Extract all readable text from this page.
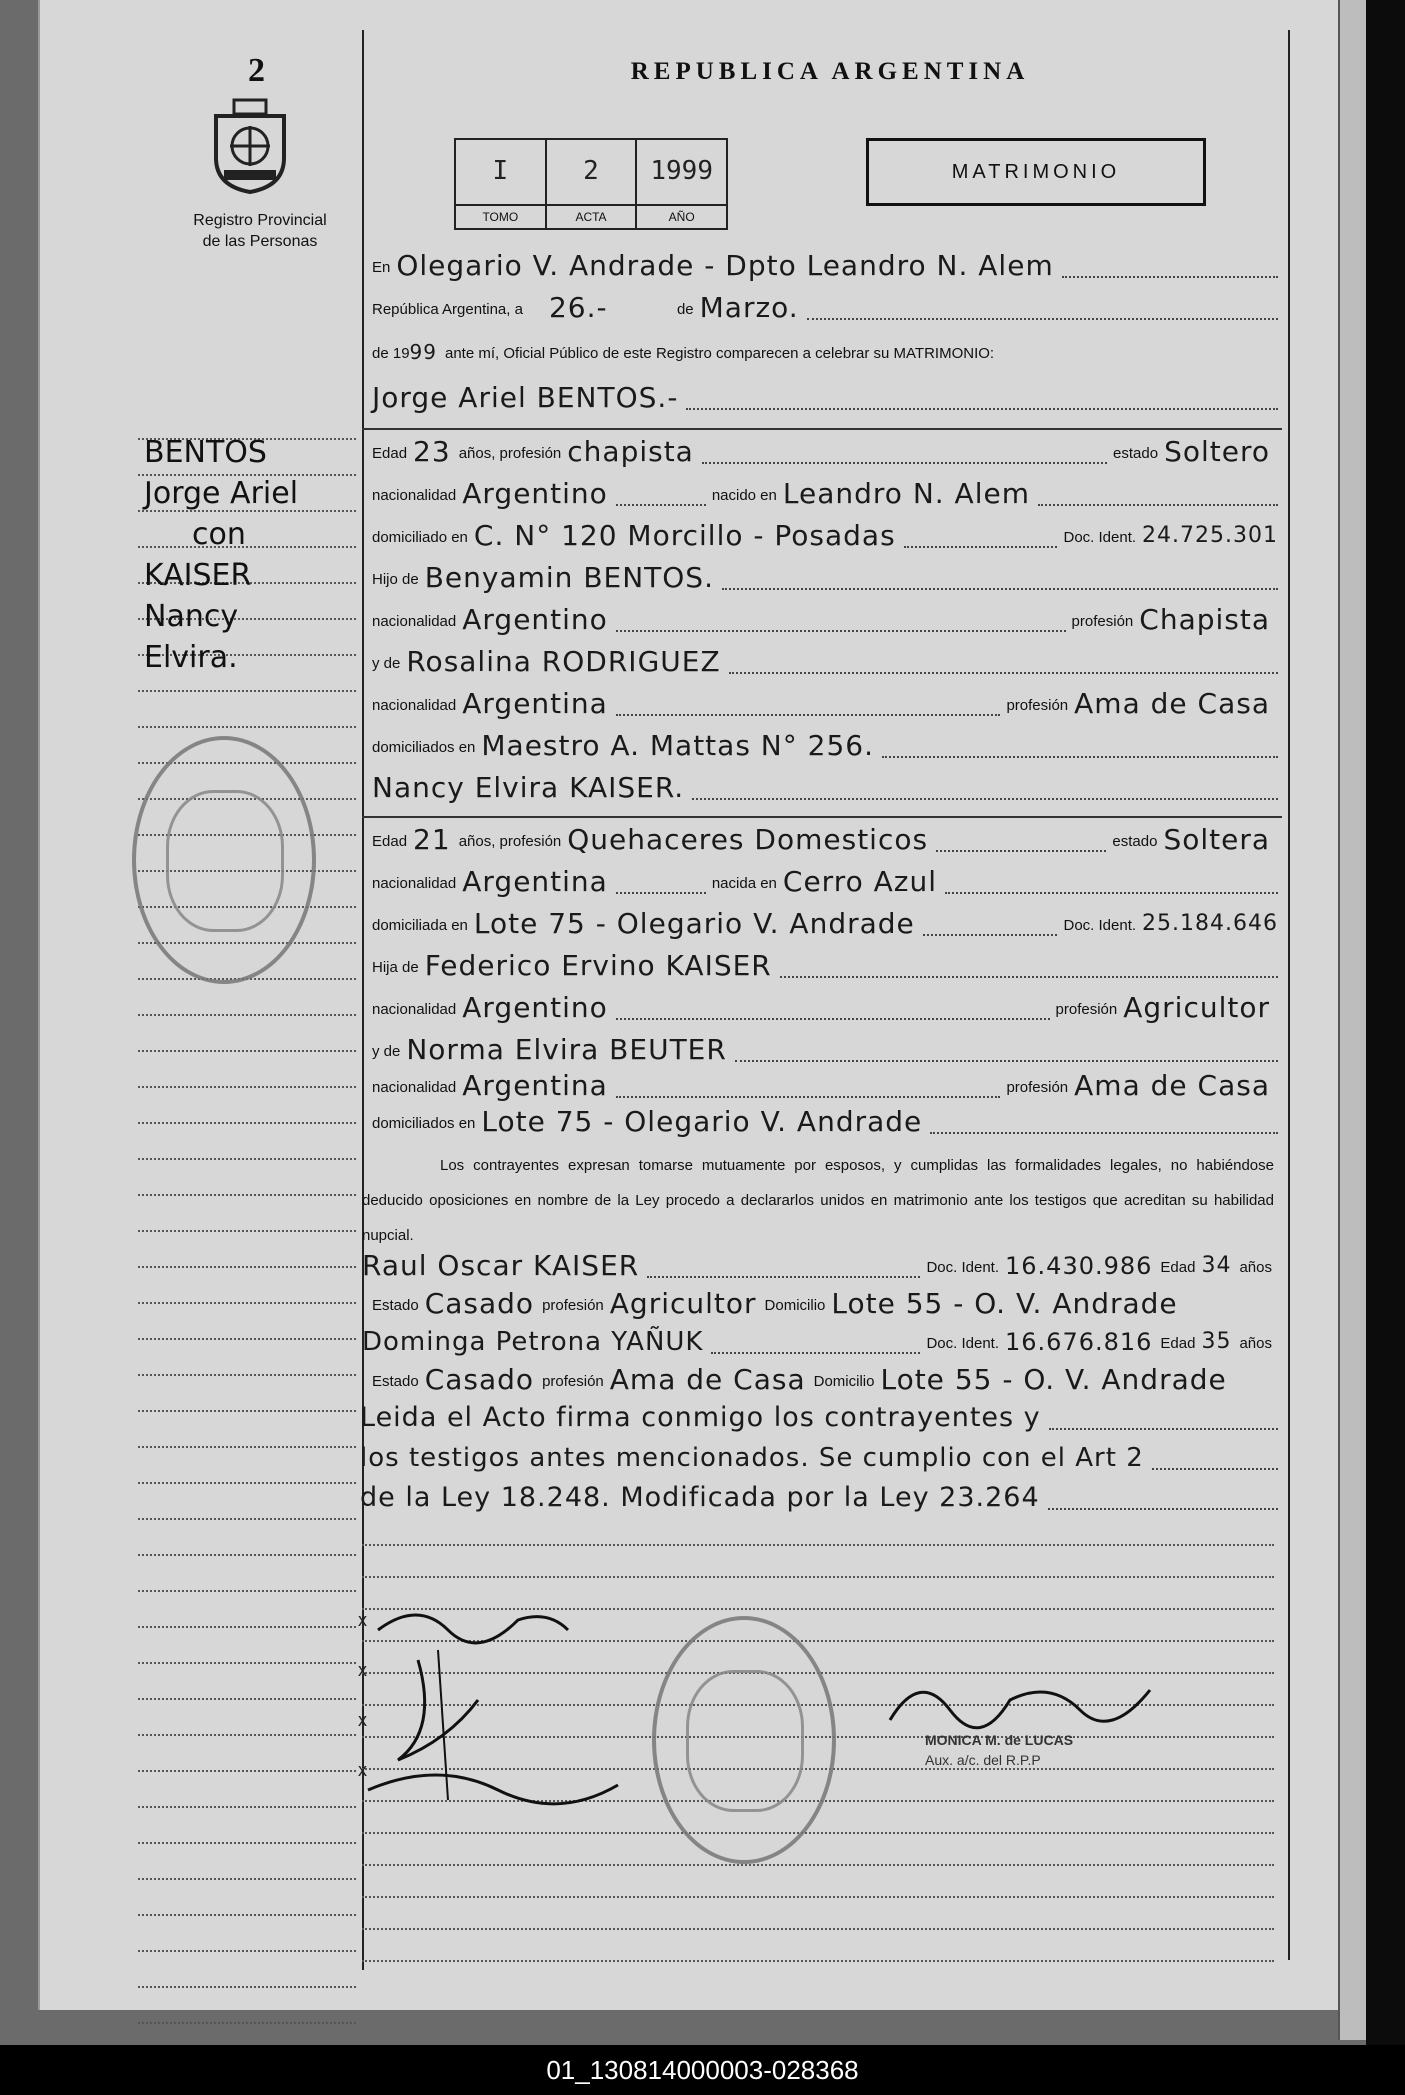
2
Registro Provincial
de las Personas
REPUBLICA ARGENTINA
I
TOMO
2
ACTA
1999
AÑO
MATRIMONIO
En Olegario V. Andrade - Dpto Leandro N. Alem
República Argentina, a 26.-	de Marzo.
de 19 99 ante mí, Oficial Público de este Registro comparecen a celebrar su MATRIMONIO:
Jorge Ariel BENTOS.-
Edad 23 años, profesión chapista	estado Soltero
nacionalidad Argentino	nacido en Leandro N. Alem
domiciliado en C. N° 120 Morcillo - Posadas	Doc. Ident. 24.725.301
Hijo de Benyamin BENTOS.
nacionalidad Argentino	profesión Chapista
y de Rosalina RODRIGUEZ
nacionalidad Argentina	profesión Ama de Casa
domiciliados en Maestro A. Mattas N° 256.
Nancy Elvira KAISER.
Edad 21 años, profesión Quehaceres Domesticos	estado Soltera
nacionalidad Argentina	nacida en Cerro Azul
domiciliada en Lote 75 - Olegario V. Andrade	Doc. Ident. 25.184.646
Hija de Federico Ervino KAISER
nacionalidad Argentino	profesión Agricultor
y de Norma Elvira BEUTER
nacionalidad Argentina	profesión Ama de Casa
domiciliados en Lote 75 - Olegario V. Andrade
Los contrayentes expresan tomarse mutuamente por esposos, y cumplidas las formalidades legales, no habiéndose deducido oposiciones en nombre de la Ley procedo a declararlos unidos en matrimonio ante los testigos que acreditan su habilidad nupcial.
Raul Oscar KAISER	Doc. Ident. 16.430.986 Edad 34 años
Estado Casado profesión Agricultor Domicilio Lote 55 - O. V. Andrade
Dominga Petrona YAÑUK	Doc. Ident. 16.676.816 Edad 35 años
Estado Casado profesión Ama de Casa Domicilio Lote 55 - O. V. Andrade
Leida el Acto firma conmigo los contrayentes y
los testigos antes mencionados. Se cumplio con el Art 2
de la Ley 18.248. Modificada por la Ley 23.264
BENTOS
Jorge Ariel
con
KAISER
Nancy
Elvira.
x
x
x
x
MONICA M. de LUCAS
Aux. a/c. del R.P.P
01_130814000003-028368
